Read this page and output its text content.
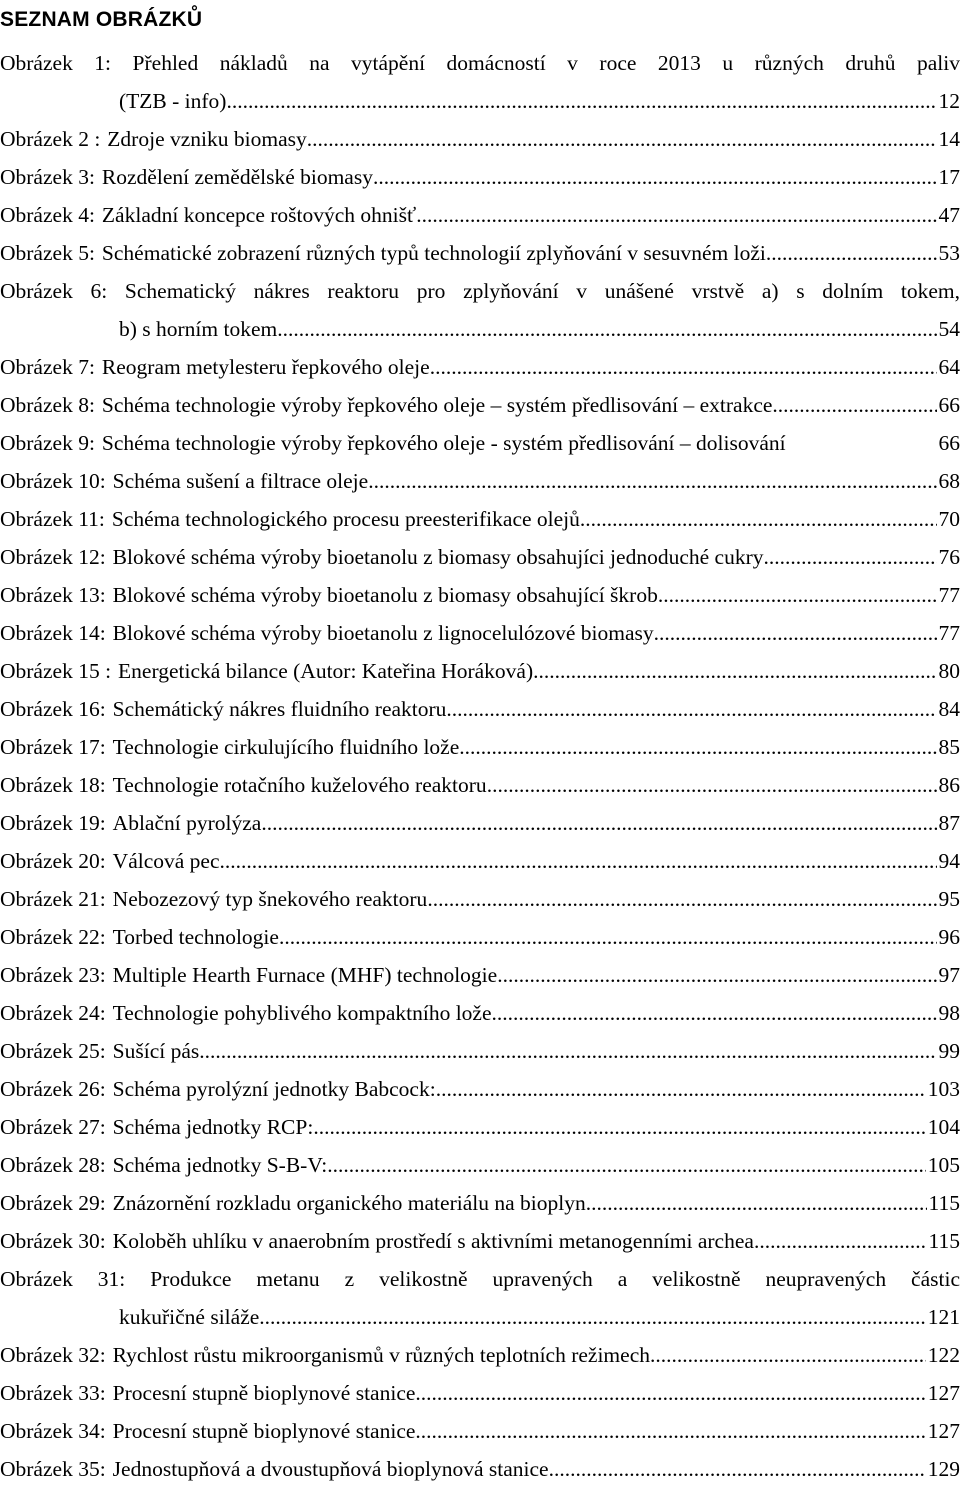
SEZNAM OBRÁZKŮ
Obrázek 1: Přehled nákladů na vytápění domácností v roce 2013 u různých druhů paliv
(TZB - info) .....	12
Obrázek 2 : Zdroje vzniku biomasy .....	14
Obrázek 3: Rozdělení zemědělské biomasy .....	17
Obrázek 4: Základní koncepce roštových ohnišť .....	47
Obrázek 5: Schématické zobrazení různých typů technologií zplyňování v sesuvném loži .....	53
Obrázek 6: Schematický nákres reaktoru pro zplyňování v unášené vrstvě a) s dolním tokem,
b) s horním tokem .....	54
Obrázek 7: Reogram metylesteru řepkového oleje .....	64
Obrázek 8: Schéma technologie výroby řepkového oleje – systém předlisování – extrakce .....	66
Obrázek 9: Schéma technologie výroby řepkového oleje - systém předlisování – dolisování	66
Obrázek 10: Schéma sušení a filtrace oleje .....	68
Obrázek 11: Schéma technologického procesu preesterifikace olejů .....	70
Obrázek 12: Blokové schéma výroby bioetanolu z biomasy obsahujíci jednoduché cukry .....	76
Obrázek 13: Blokové schéma výroby bioetanolu z biomasy obsahující škrob .....	77
Obrázek 14: Blokové schéma výroby bioetanolu z lignocelulózové biomasy .....	77
Obrázek 15 : Energetická bilance (Autor: Kateřina Horáková) .....	80
Obrázek 16: Schemátický nákres fluidního reaktoru .....	84
Obrázek 17: Technologie cirkulujícího fluidního lože .....	85
Obrázek 18: Technologie rotačního kuželového reaktoru .....	86
Obrázek 19: Ablační pyrolýza .....	87
Obrázek 20: Válcová pec .....	94
Obrázek 21: Nebozezový typ šnekového reaktoru .....	95
Obrázek 22: Torbed technologie .....	96
Obrázek 23: Multiple Hearth Furnace (MHF) technologie .....	97
Obrázek 24: Technologie pohyblivého kompaktního lože .....	98
Obrázek 25: Sušící pás .....	99
Obrázek 26: Schéma pyrolýzní jednotky Babcock: .....	103
Obrázek 27: Schéma jednotky RCP: .....	104
Obrázek 28: Schéma jednotky S-B-V: .....	105
Obrázek 29: Znázornění rozkladu organického materiálu na bioplyn .....	115
Obrázek 30: Koloběh uhlíku v anaerobním prostředí s aktivními metanogenními archea .....	115
Obrázek 31: Produkce metanu z velikostně upravených a velikostně neupravených částic
kukuřičné siláže .....	121
Obrázek 32: Rychlost růstu mikroorganismů v různých teplotních režimech .....	122
Obrázek 33: Procesní stupně bioplynové stanice .....	127
Obrázek 34: Procesní stupně bioplynové stanice .....	127
Obrázek 35: Jednostupňová a dvoustupňová bioplynová stanice .....	129
